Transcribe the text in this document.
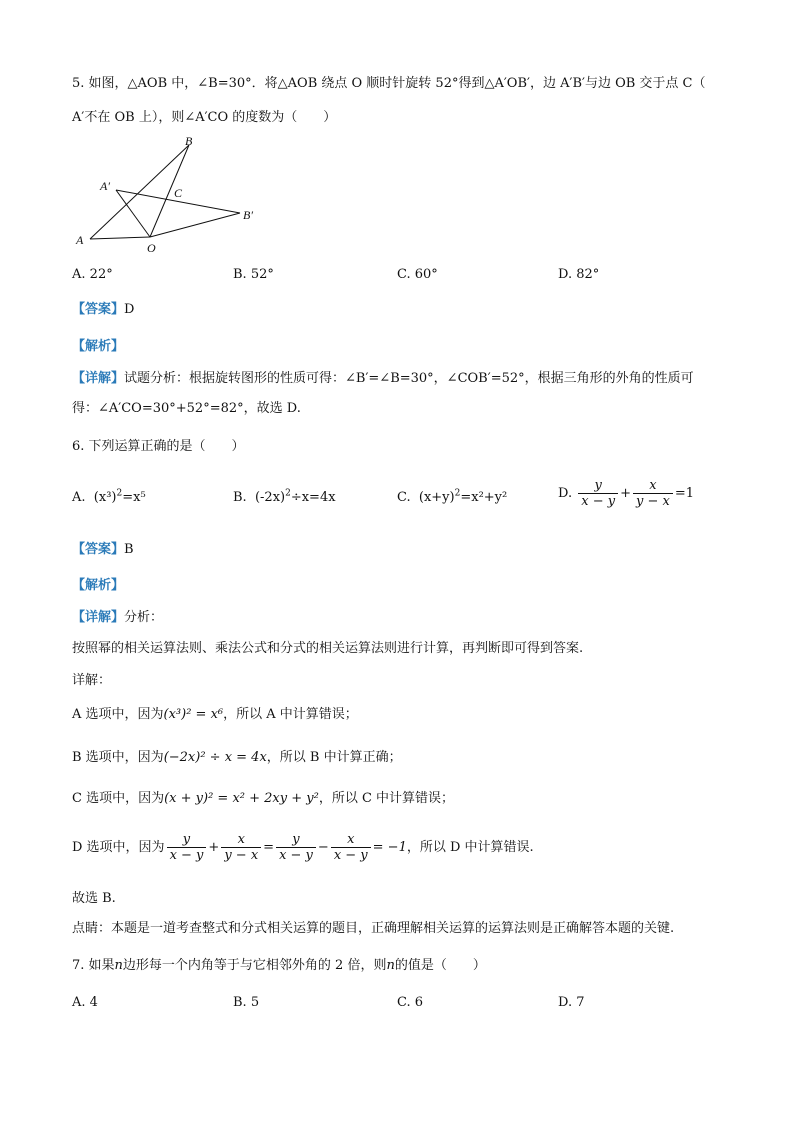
5. 如图，△AOB 中，∠B=30°．将△AOB 绕点 O 顺时针旋转 52°得到△A′OB′，边 A′B′与边 OB 交于点 C（
A′不在 OB 上），则∠A′CO 的度数为（　　）
B
A′	C
B′
A
O
A. 22°	B. 52°	C. 60°	D. 82°
【答案】D
【解析】
【详解】试题分析：根据旋转图形的性质可得：∠B′=∠B=30°，∠COB′=52°，根据三角形的外角的性质可
得：∠A′CO=30°+52°=82°，故选 D.
6. 下列运算正确的是（　　）
A. $(x^3)^2=x^5$	B. $(-2x)^2\div x=4x$	C. $(x+y)^2=x^2+y^2$	D. $\frac{y}{x - y} + \frac{x}{y - x} =1$
【答案】B
【解析】
【详解】分析：
按照幂的相关运算法则、乘法公式和分式的相关运算法则进行计算，再判断即可得到答案.
详解：
A 选项中，因为(x³)² = x⁶，所以 A 中计算错误；
B 选项中，因为(−2x)² ÷ x = 4x，所以 B 中计算正确；
C 选项中，因为(x + y)² = x² + 2xy + y²，所以 C 中计算错误；
D 选项中，因为 $\frac{y}{x - y} + \frac{x}{y - x} = \frac{y}{x - y} - \frac{x}{x - y} = -1$，所以 D 中计算错误.
故选 B.
点睛：本题是一道考查整式和分式相关运算的题目，正确理解相关运算的运算法则是正确解答本题的关键.
7. 如果n边形每一个内角等于与它相邻外角的 2 倍，则n的值是（　　）
A. 4	B. 5	C. 6	D. 7
